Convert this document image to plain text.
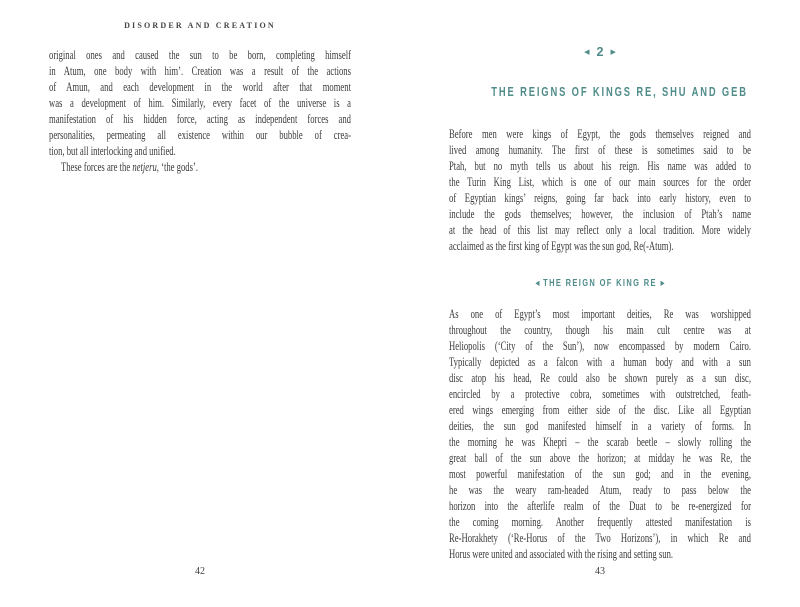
DISORDER AND CREATION
original ones and caused the sun to be born, completing himself
in Atum, one body with him’. Creation was a result of the actions
of Amun, and each development in the world after that moment
was a development of him. Similarly, every facet of the universe is a
manifestation of his hidden force, acting as independent forces and
personalities, permeating all existence within our bubble of crea-
tion, but all interlocking and unified.
These forces are the netjeru, ‘the gods’.
42
◀ 2 ▶
THE REIGNS OF KINGS RE, SHU AND GEB
Before men were kings of Egypt, the gods themselves reigned and
lived among humanity. The first of these is sometimes said to be
Ptah, but no myth tells us about his reign. His name was added to
the Turin King List, which is one of our main sources for the order
of Egyptian kings’ reigns, going far back into early history, even to
include the gods themselves; however, the inclusion of Ptah’s name
at the head of this list may reflect only a local tradition. More widely
acclaimed as the first king of Egypt was the sun god, Re(-Atum).
◀ THE REIGN OF KING RE ▶
As one of Egypt’s most important deities, Re was worshipped
throughout the country, though his main cult centre was at
Heliopolis (‘City of the Sun’), now encompassed by modern Cairo.
Typically depicted as a falcon with a human body and with a sun
disc atop his head, Re could also be shown purely as a sun disc,
encircled by a protective cobra, sometimes with outstretched, feath-
ered wings emerging from either side of the disc. Like all Egyptian
deities, the sun god manifested himself in a variety of forms. In
the morning he was Khepri – the scarab beetle – slowly rolling the
great ball of the sun above the horizon; at midday he was Re, the
most powerful manifestation of the sun god; and in the evening,
he was the weary ram-headed Atum, ready to pass below the
horizon into the afterlife realm of the Duat to be re-energized for
the coming morning. Another frequently attested manifestation is
Re-Horakhety (‘Re-Horus of the Two Horizons’), in which Re and
Horus were united and associated with the rising and setting sun.
43
